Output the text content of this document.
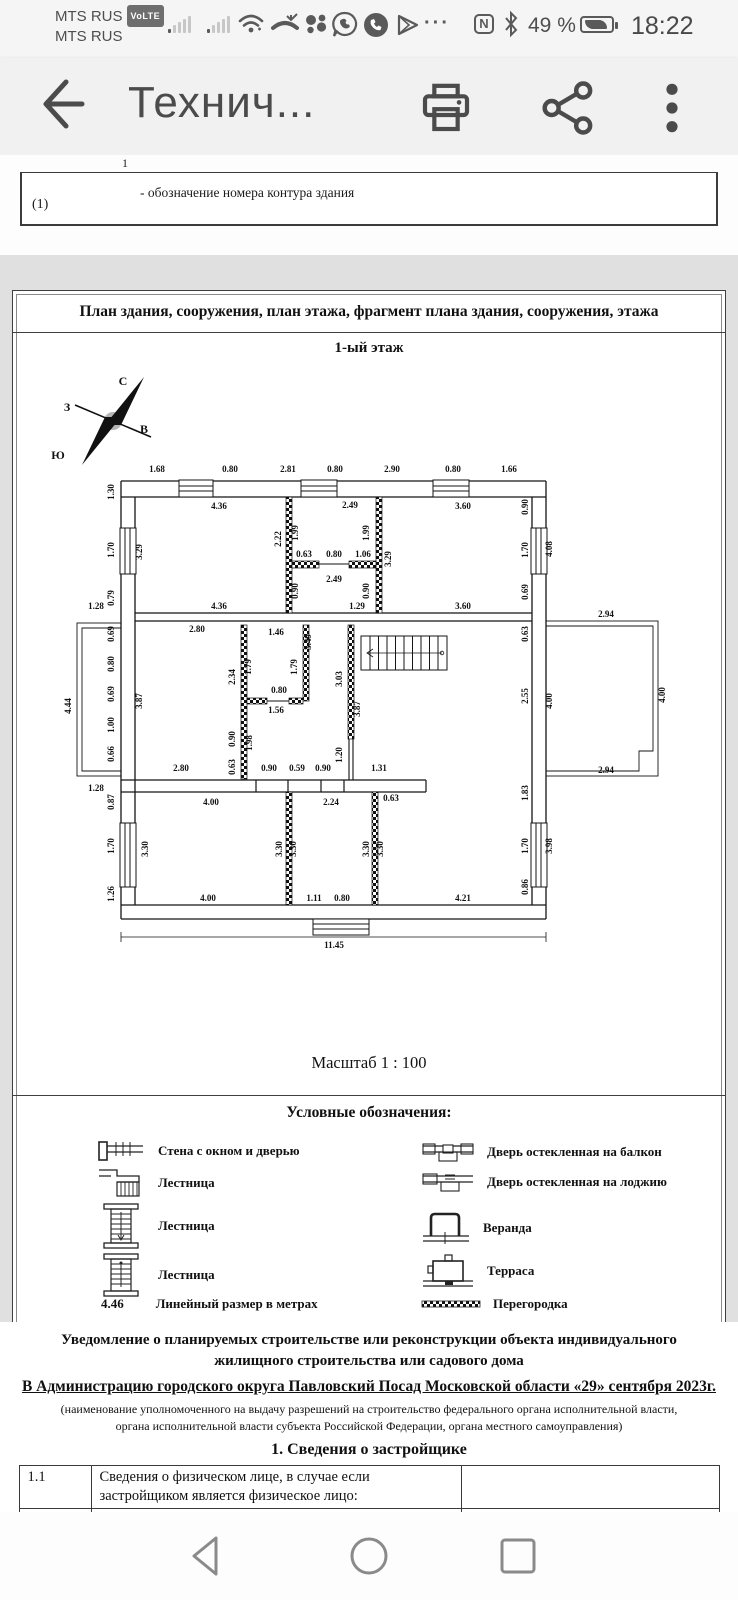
MTS RUS VoLTE
MTS RUS
···	N 49 % 18:22
Технич...
1
(1)
- обозначение номера контура здания
План здания, сооружения, план этажа, фрагмент плана здания, сооружения, этажа
1-ый этаж
С
З
В
Ю
1.68	0.80	2.81	0.80	2.90	0.80	1.66
4.36	2.49	3.60
0.63 0.80 1.06
2.49
4.36	1.29	3.60
2.80	1.46
0.80
1.56
2.94
2.94
1.28
1.28
2.80	0.90 0.59 0.90	1.31
4.00	2.24	0.63
4.00	1.11 0.80	4.21
11.45
1.30
1.70
0.79
0.69
0.80
0.69
1.00
0.66
0.87
1.70
1.26
4.44
3.29
3.87
3.30
2.22 1.99	1.99
3.29
0.90	0.90
3.49
2.34
1.79	1.79
3.03
3.87
0.90 1.98
0.63
1.20
0.90
1.70
0.69
0.63
2.55
1.83
1.70
0.86
4.08
4.00
3.98
4.00
3.30 3.30	3.30 3.30
Масштаб 1 : 100
Условные обозначения:
Стена с окном и дверью
Лестница
Лестница
Лестница
4.46 Линейный размер в метрах
Дверь остекленная на балкон
Дверь остекленная на лоджию
Веранда
Терраса
Перегородка
Уведомление о планируемых строительстве или реконструкции объекта индивидуального
жилищного строительства или садового дома
В Администрацию городского округа Павловский Посад Московской области «29» сентября 2023г.
(наименование уполномоченного на выдачу разрешений на строительство федерального органа исполнительной власти,
органа исполнительной власти субъекта Российской Федерации, органа местного самоуправления)
1. Сведения о застройщике
1.1	Сведения о физическом лице, в случае если застройщиком является физическое лицо:	
